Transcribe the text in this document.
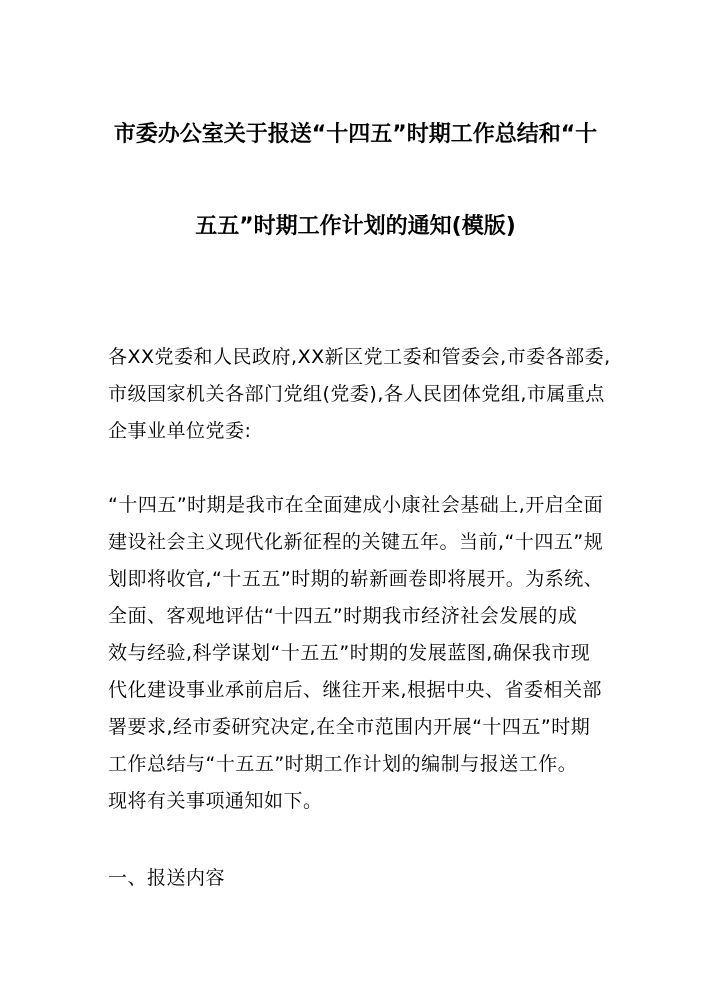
市委办公室关于报送“十四五”时期工作总结和“十
五五”时期工作计划的通知(模版)
各XX党委和人民政府,XX新区党工委和管委会,市委各部委,
市级国家机关各部门党组(党委),各人民团体党组,市属重点
企事业单位党委:
“十四五”时期是我市在全面建成小康社会基础上,开启全面
建设社会主义现代化新征程的关键五年。当前,“十四五”规
划即将收官,“十五五”时期的崭新画卷即将展开。为系统、
全面、客观地评估“十四五”时期我市经济社会发展的成
效与经验,科学谋划“十五五”时期的发展蓝图,确保我市现
代化建设事业承前启后、继往开来,根据中央、省委相关部
署要求,经市委研究决定,在全市范围内开展“十四五”时期
工作总结与“十五五”时期工作计划的编制与报送工作。
现将有关事项通知如下。
一、报送内容
